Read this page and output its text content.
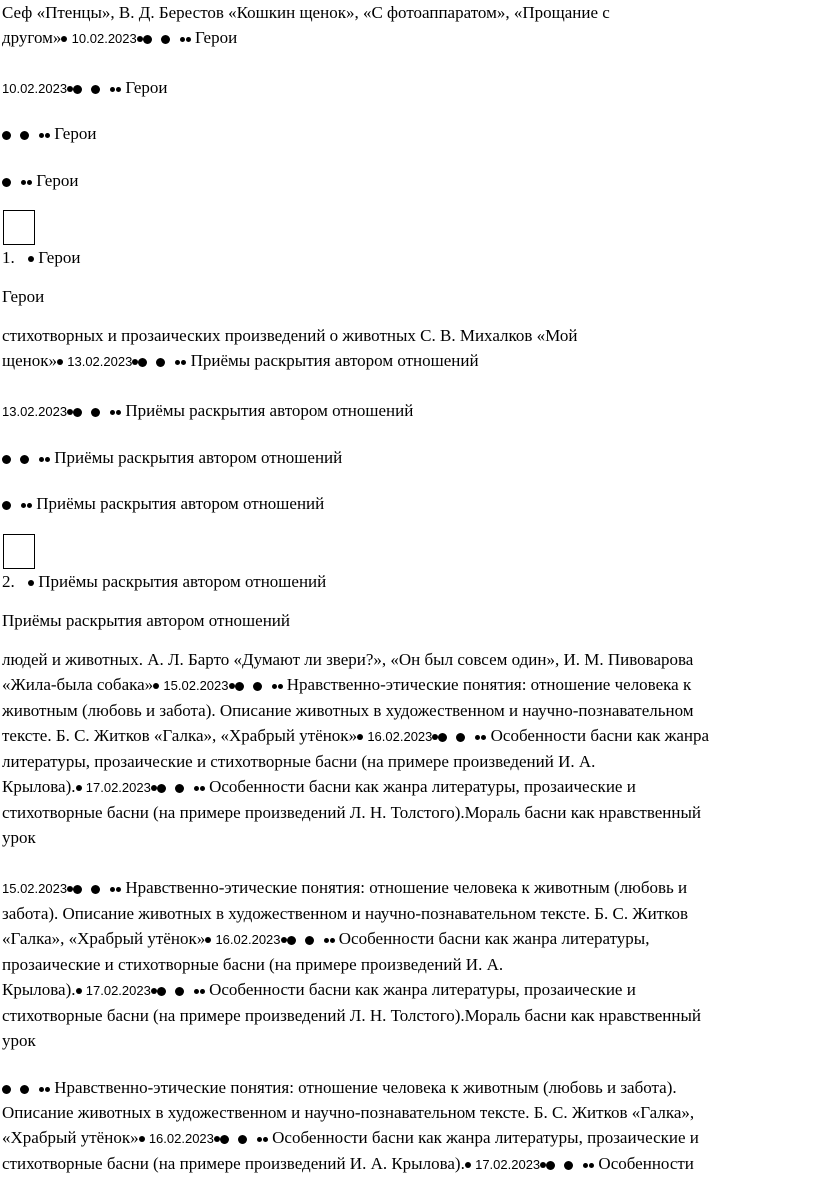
Сеф «Птенцы», В. Д. Берестов «Кошкин щенок», «С фотоаппаратом», «Прощание с

другом» 10.02.2023	Герои

10.02.2023	Герои

Герои

Герои

1. Герои

Герои

стихотворных и прозаических произведений о животных С. В. Михалков «Мой

щенок» 13.02.2023	Приёмы раскрытия автором отношений

13.02.2023	Приёмы раскрытия автором отношений

Приёмы раскрытия автором отношений

Приёмы раскрытия автором отношений

2. Приёмы раскрытия автором отношений

Приёмы раскрытия автором отношений

людей и животных. А. Л. Барто «Думают ли звери?», «Он был совсем один», И. М. Пивоварова

«Жила-была собака» 15.02.2023	Нравственно-этические понятия: отношение человека к

животным (любовь и забота). Описание животных в художественном и научно-познавательном

тексте. Б. С. Житков «Галка», «Храбрый утёнок» 16.02.2023	Особенности басни как жанра

литературы, прозаические и стихотворные басни (на примере произведений И. А.

Крылова). 17.02.2023	Особенности басни как жанра литературы, прозаические и

стихотворные басни (на примере произведений Л. Н. Толстого).Мораль басни как нравственный

урок

15.02.2023	Нравственно-этические понятия: отношение человека к животным (любовь и

забота). Описание животных в художественном и научно-познавательном тексте. Б. С. Житков

«Галка», «Храбрый утёнок» 16.02.2023	Особенности басни как жанра литературы,

прозаические и стихотворные басни (на примере произведений И. А.

Крылова). 17.02.2023	Особенности басни как жанра литературы, прозаические и

стихотворные басни (на примере произведений Л. Н. Толстого).Мораль басни как нравственный

урок

Нравственно-этические понятия: отношение человека к животным (любовь и забота).

Описание животных в художественном и научно-познавательном тексте. Б. С. Житков «Галка»,

«Храбрый утёнок» 16.02.2023	Особенности басни как жанра литературы, прозаические и

стихотворные басни (на примере произведений И. А. Крылова). 17.02.2023	Особенности
